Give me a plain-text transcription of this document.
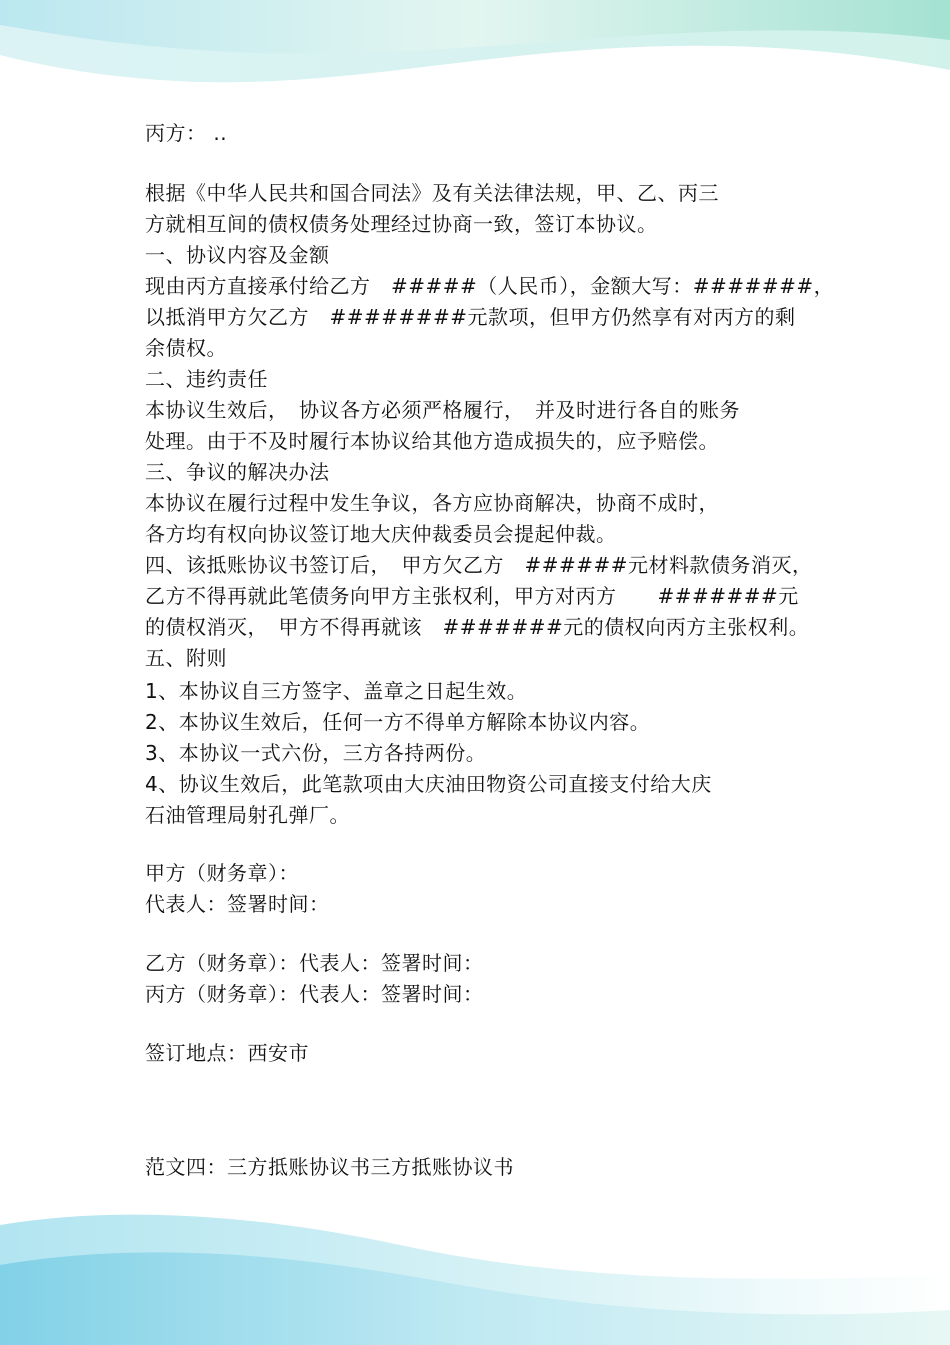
丙方： ..
根据《中华人民共和国合同法》及有关法律法规，甲、乙、丙三
方就相互间的债权债务处理经过协商一致，签订本协议。
一、协议内容及金额
现由丙方直接承付给乙方　#####（人民币），金额大写：#######，
以抵消甲方欠乙方　########元款项，但甲方仍然享有对丙方的剩
余债权。
二、违约责任
本协议生效后，　协议各方必须严格履行，　并及时进行各自的账务
处理。由于不及时履行本协议给其他方造成损失的，应予赔偿。
三、争议的解决办法
本协议在履行过程中发生争议，各方应协商解决，协商不成时，
各方均有权向协议签订地大庆仲裁委员会提起仲裁。
四、该抵账协议书签订后，　甲方欠乙方　######元材料款债务消灭，
乙方不得再就此笔债务向甲方主张权利，甲方对丙方　　#######元
的债权消灭，　甲方不得再就该　#######元的债权向丙方主张权利。
五、附则
1、本协议自三方签字、盖章之日起生效。
2、本协议生效后，任何一方不得单方解除本协议内容。
3、本协议一式六份，三方各持两份。
4、协议生效后，此笔款项由大庆油田物资公司直接支付给大庆
石油管理局射孔弹厂。
甲方（财务章）：
代表人：签署时间：
乙方（财务章）：代表人：签署时间：
丙方（财务章）：代表人：签署时间：
签订地点：西安市
范文四：三方抵账协议书三方抵账协议书
